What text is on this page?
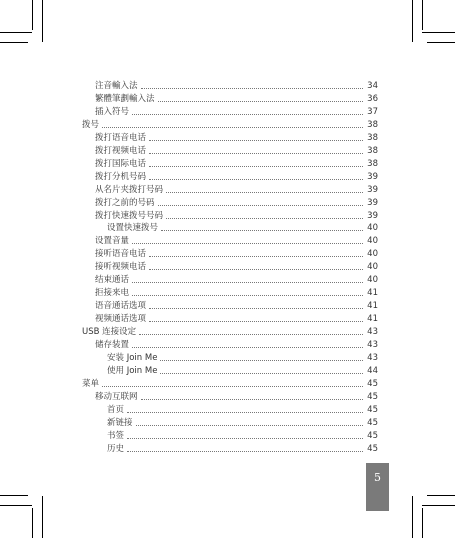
注音輸入法	34
繁體筆劃輸入法	36
插入符号	37
拨号	38
拨打语音电话	38
拨打视频电话	38
拨打国际电话	38
拨打分机号码	39
从名片夹拨打号码	39
拨打之前的号码	39
拨打快速拨号号码	39
设置快速拨号	40
设置音量	40
接听语音电话	40
接听视频电话	40
结束通话	40
拒接来电	41
语音通话选项	41
视频通话选项	41
USB 连接设定	43
储存装置	43
安装 Join Me	43
使用 Join Me	44
菜单	45
移动互联网	45
首页	45
新链接	45
书签	45
历史	45
5
